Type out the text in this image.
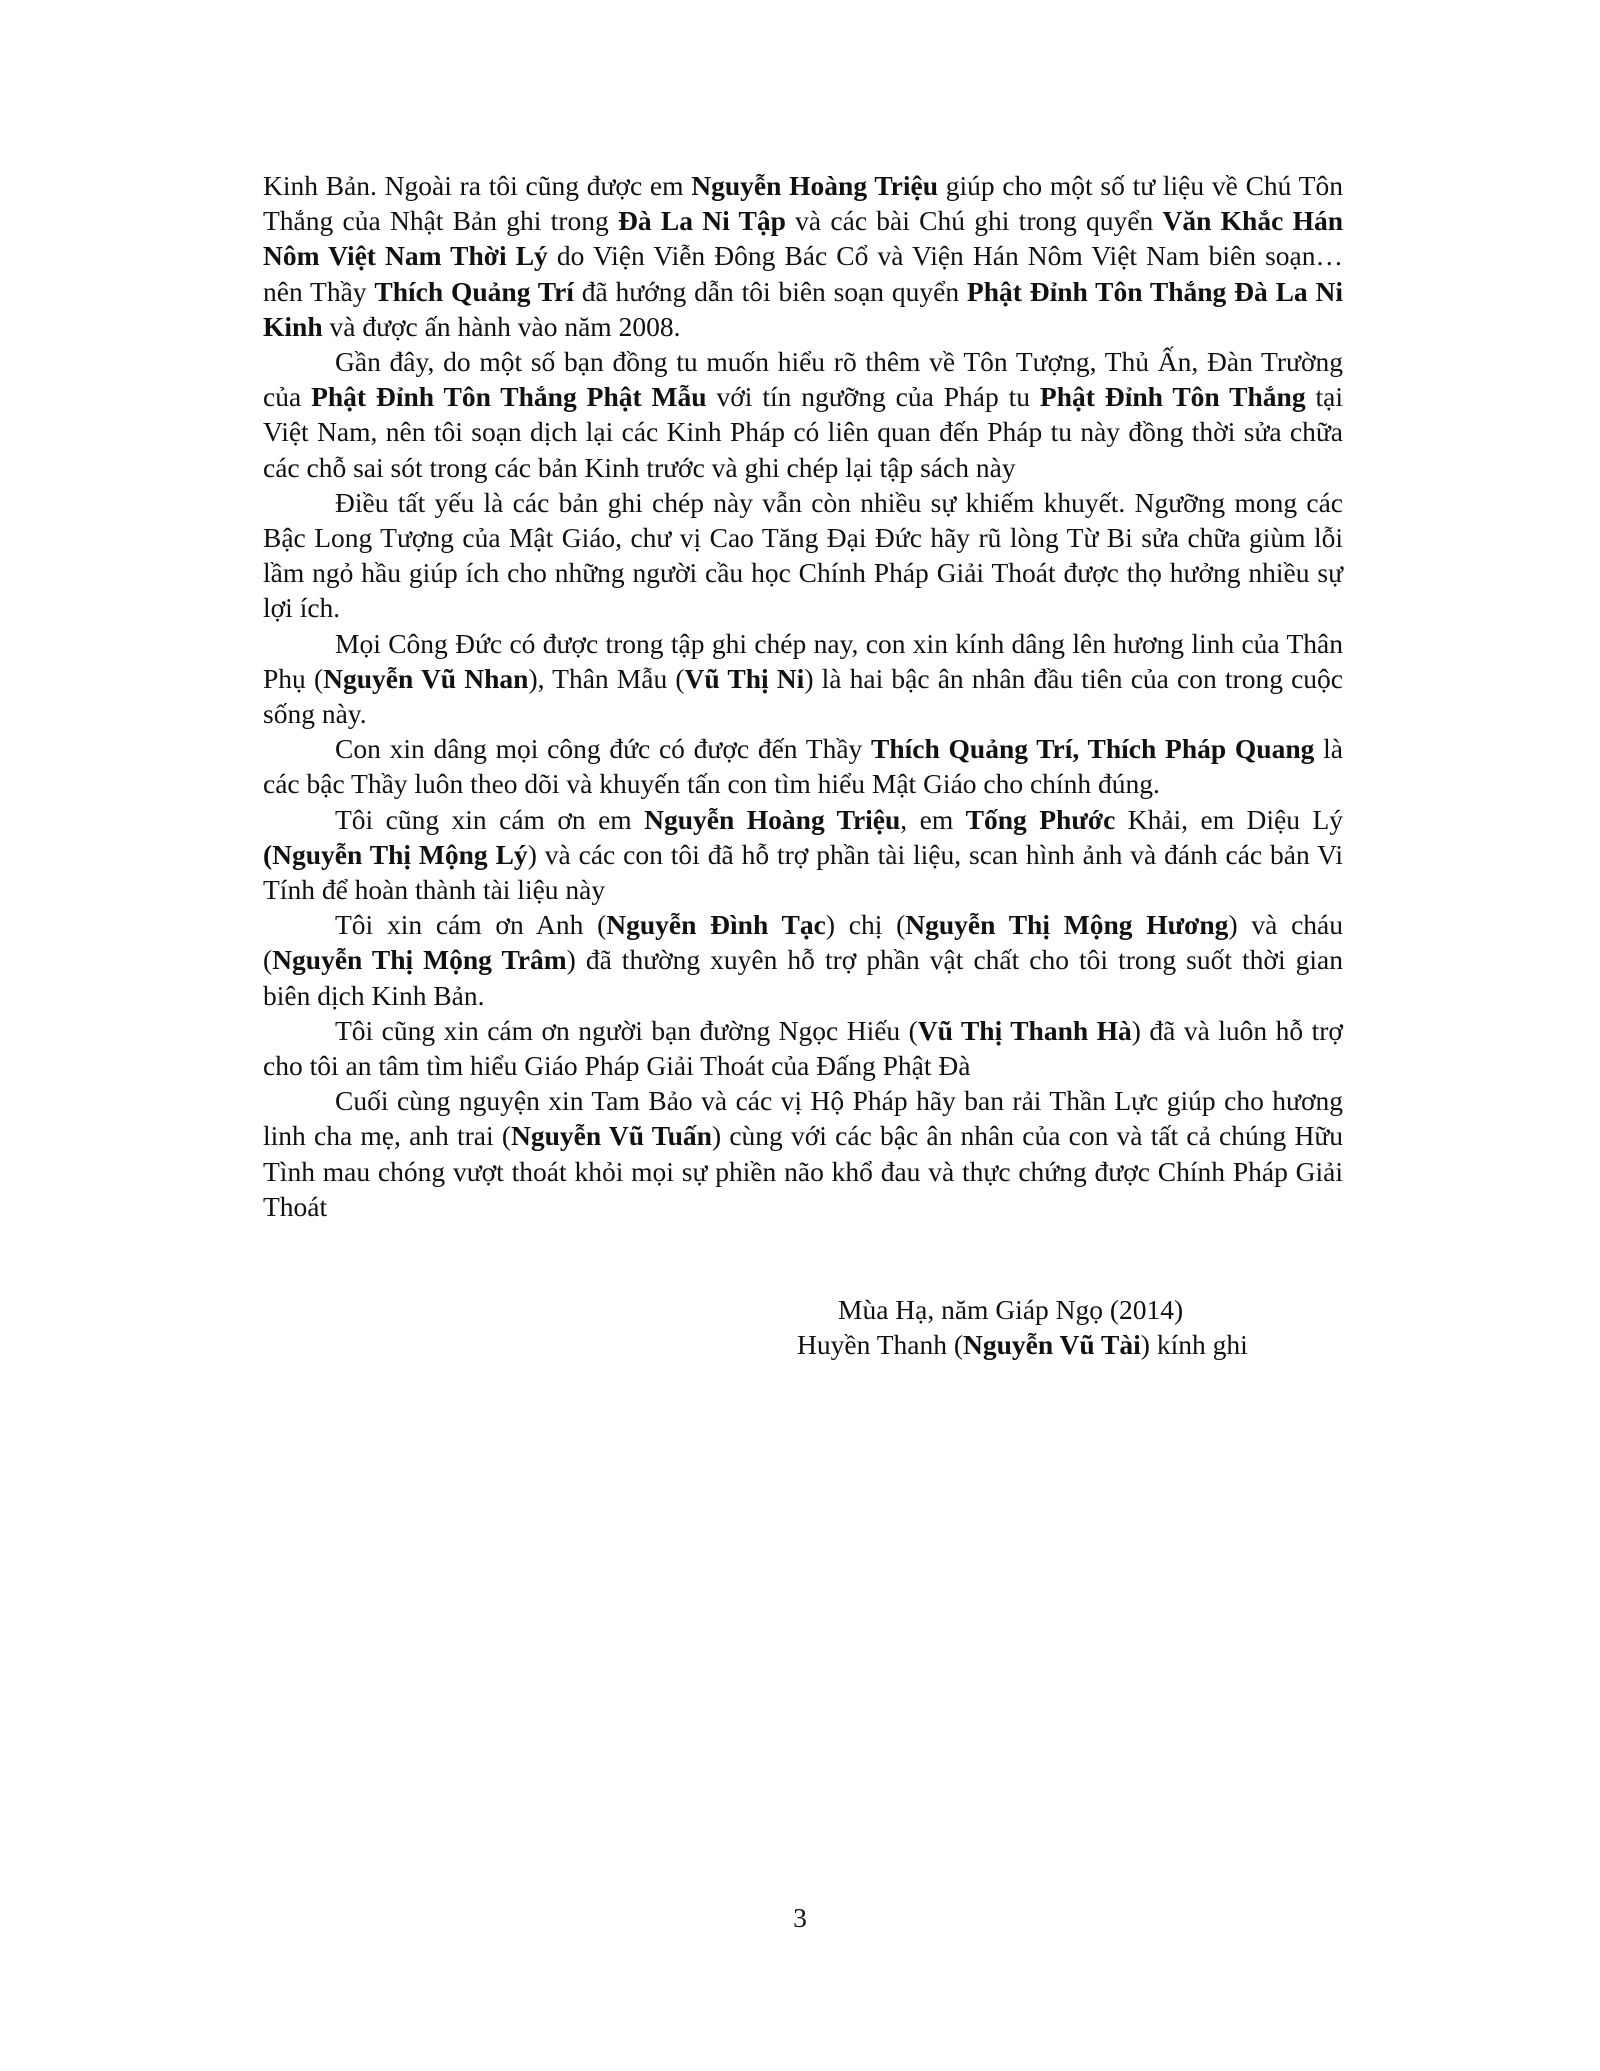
Kinh Bản. Ngoài ra tôi cũng được em Nguyễn Hoàng Triệu giúp cho một số tư liệu về Chú Tôn Thắng của Nhật Bản ghi trong Đà La Ni Tập và các bài Chú ghi trong quyển Văn Khắc Hán Nôm Việt Nam Thời Lý do Viện Viễn Đông Bác Cổ và Viện Hán Nôm Việt Nam biên soạn… nên Thầy Thích Quảng Trí đã hướng dẫn tôi biên soạn quyển Phật Đỉnh Tôn Thắng Đà La Ni Kinh và được ấn hành vào năm 2008.

Gần đây, do một số bạn đồng tu muốn hiểu rõ thêm về Tôn Tượng, Thủ Ấn, Đàn Trường của Phật Đỉnh Tôn Thắng Phật Mẫu với tín ngưỡng của Pháp tu Phật Đỉnh Tôn Thắng tại Việt Nam, nên tôi soạn dịch lại các Kinh Pháp có liên quan đến Pháp tu này đồng thời sửa chữa các chỗ sai sót trong các bản Kinh trước và ghi chép lại tập sách này

Điều tất yếu là các bản ghi chép này vẫn còn nhiều sự khiếm khuyết. Ngưỡng mong các Bậc Long Tượng của Mật Giáo, chư vị Cao Tăng Đại Đức hãy rũ lòng Từ Bi sửa chữa giùm lỗi lầm ngỏ hầu giúp ích cho những người cầu học Chính Pháp Giải Thoát được thọ hưởng nhiều sự lợi ích.

Mọi Công Đức có được trong tập ghi chép nay, con xin kính dâng lên hương linh của Thân Phụ (Nguyễn Vũ Nhan), Thân Mẫu (Vũ Thị Ni) là hai bậc ân nhân đầu tiên của con trong cuộc sống này.

Con xin dâng mọi công đức có được đến Thầy Thích Quảng Trí, Thích Pháp Quang là các bậc Thầy luôn theo dõi và khuyến tấn con tìm hiểu Mật Giáo cho chính đúng.

Tôi cũng xin cám ơn em Nguyễn Hoàng Triệu, em Tống Phước Khải, em Diệu Lý (Nguyễn Thị Mộng Lý) và các con tôi đã hỗ trợ phần tài liệu, scan hình ảnh và đánh các bản Vi Tính để hoàn thành tài liệu này

Tôi xin cám ơn Anh (Nguyễn Đình Tạc) chị (Nguyễn Thị Mộng Hương) và cháu (Nguyễn Thị Mộng Trâm) đã thường xuyên hỗ trợ phần vật chất cho tôi trong suốt thời gian biên dịch Kinh Bản.

Tôi cũng xin cám ơn người bạn đường Ngọc Hiếu (Vũ Thị Thanh Hà) đã và luôn hỗ trợ cho tôi an tâm tìm hiểu Giáo Pháp Giải Thoát của Đấng Phật Đà

Cuối cùng nguyện xin Tam Bảo và các vị Hộ Pháp hãy ban rải Thần Lực giúp cho hương linh cha mẹ, anh trai (Nguyễn Vũ Tuấn) cùng với các bậc ân nhân của con và tất cả chúng Hữu Tình mau chóng vượt thoát khỏi mọi sự phiền não khổ đau và thực chứng được Chính Pháp Giải Thoát

Mùa Hạ, năm Giáp Ngọ (2014)
Huyền Thanh (Nguyễn Vũ Tài) kính ghi
3
